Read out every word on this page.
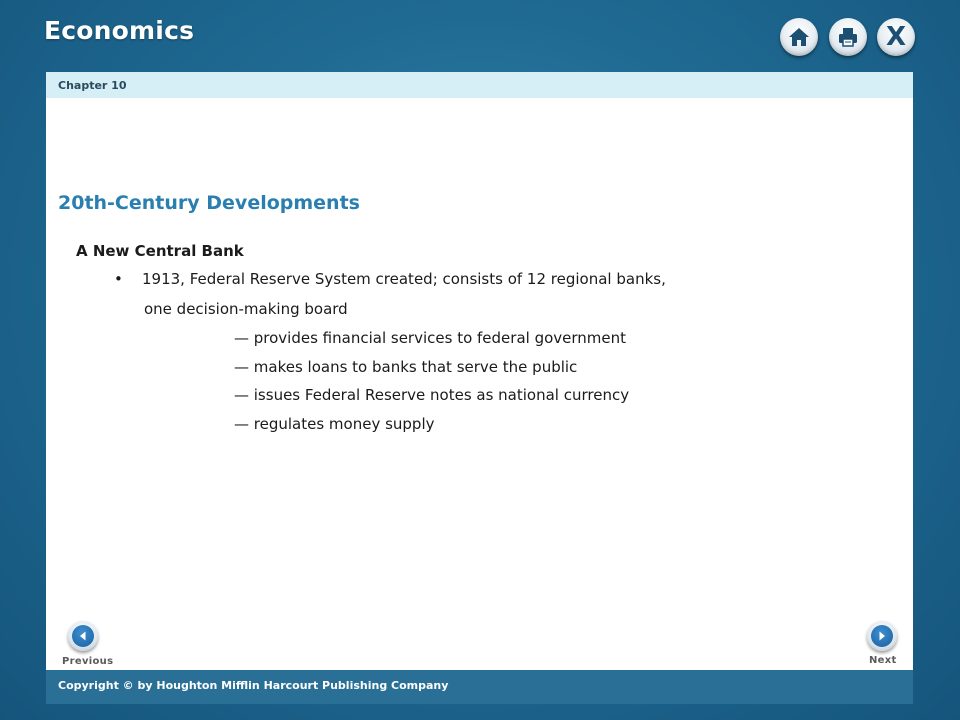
Economics	X
Chapter 10
20th-Century Developments
A New Central Bank
• 1913, Federal Reserve System created; consists of 12 regional banks,
one decision-making board
— provides financial services to federal government
— makes loans to banks that serve the public
— issues Federal Reserve notes as national currency
— regulates money supply
Previous	Next
Copyright © by Houghton Mifflin Harcourt Publishing Company
